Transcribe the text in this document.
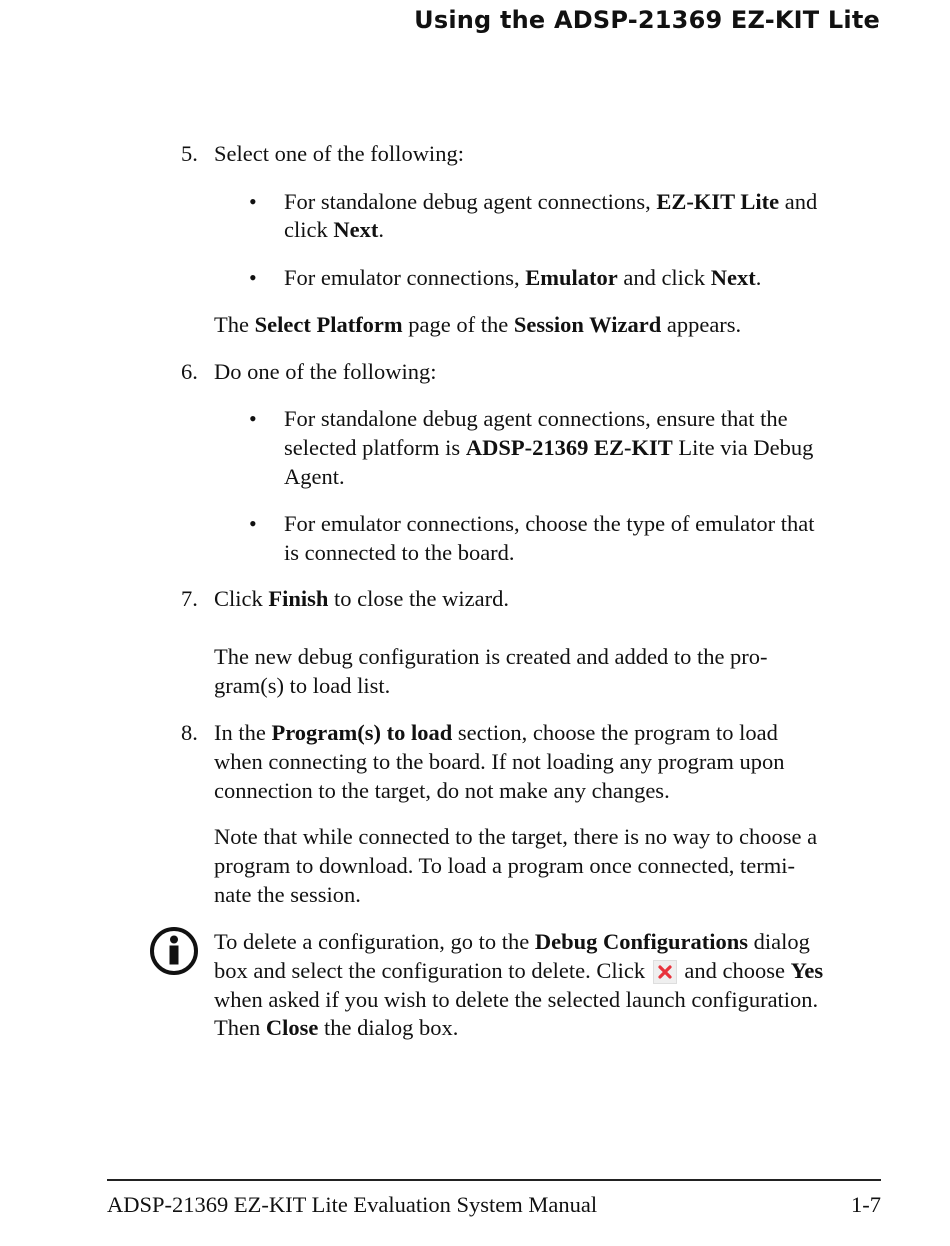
Using the ADSP-21369 EZ-KIT Lite
5. Select one of the following:
• For standalone debug agent connections, EZ-KIT Lite and
click Next.
• For emulator connections, Emulator and click Next.
The Select Platform page of the Session Wizard appears.
6. Do one of the following:
• For standalone debug agent connections, ensure that the
selected platform is ADSP-21369 EZ-KIT Lite via Debug
Agent.
• For emulator connections, choose the type of emulator that
is connected to the board.
7. Click Finish to close the wizard.
The new debug configuration is created and added to the pro-
gram(s) to load list.
8. In the Program(s) to load section, choose the program to load
when connecting to the board. If not loading any program upon
connection to the target, do not make any changes.
Note that while connected to the target, there is no way to choose a
program to download. To load a program once connected, termi-
nate the session.
To delete a configuration, go to the Debug Configurations dialog
box and select the configuration to delete. Click  and choose Yes
when asked if you wish to delete the selected launch configuration.
Then Close the dialog box.
ADSP-21369 EZ-KIT Lite Evaluation System Manual	1-7
